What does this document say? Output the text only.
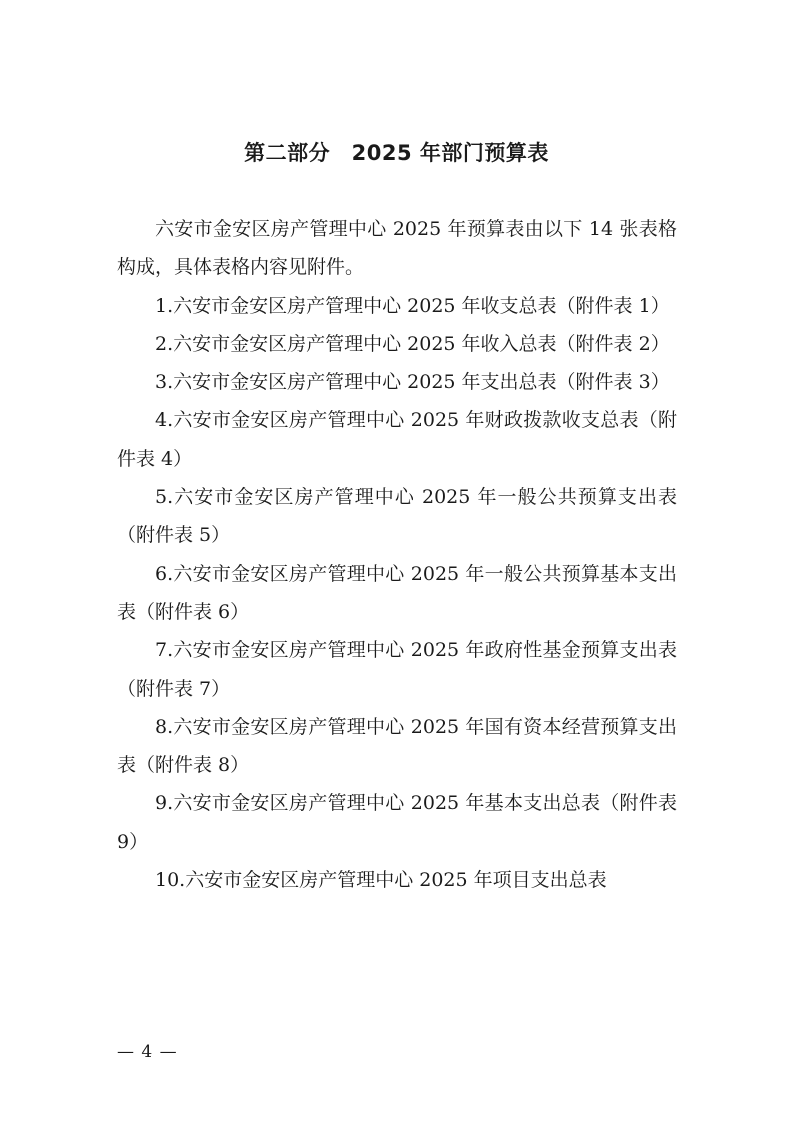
第二部分　2025 年部门预算表

六安市金安区房产管理中心 2025 年预算表由以下 14 张表格构成，具体表格内容见附件。

1.六安市金安区房产管理中心 2025 年收支总表（附件表 1）

2.六安市金安区房产管理中心 2025 年收入总表（附件表 2）

3.六安市金安区房产管理中心 2025 年支出总表（附件表 3）

4.六安市金安区房产管理中心 2025 年财政拨款收支总表（附件表 4）

5.六安市金安区房产管理中心 2025 年一般公共预算支出表（附件表 5）

6.六安市金安区房产管理中心 2025 年一般公共预算基本支出表（附件表 6）

7.六安市金安区房产管理中心 2025 年政府性基金预算支出表（附件表 7）

8.六安市金安区房产管理中心 2025 年国有资本经营预算支出表（附件表 8）

9.六安市金安区房产管理中心 2025 年基本支出总表（附件表 9）

10.六安市金安区房产管理中心 2025 年项目支出总表

— 4 —
